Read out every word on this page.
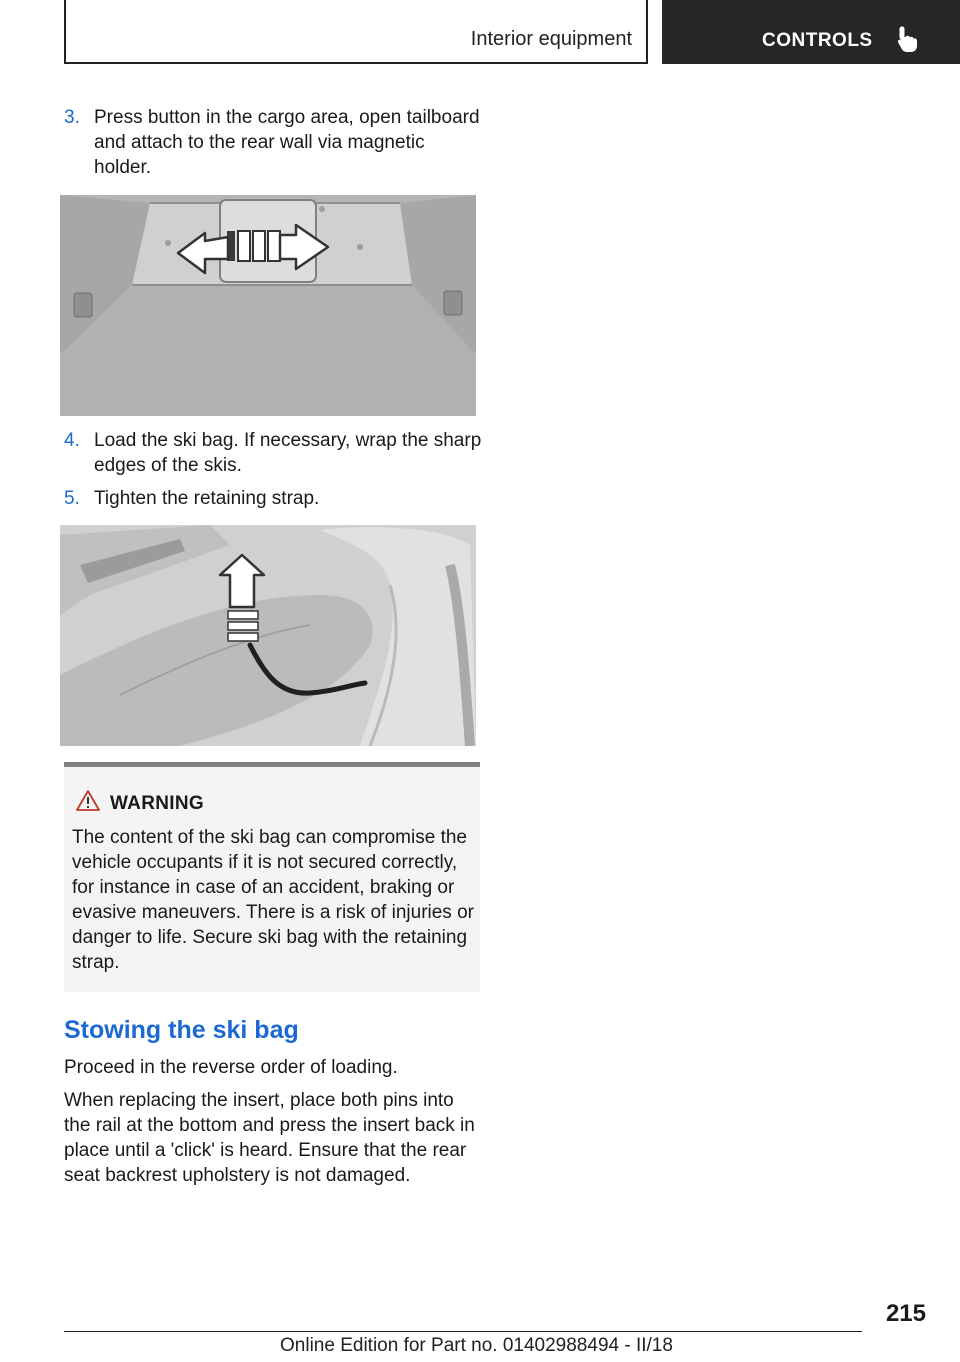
Interior equipment	CONTROLS
3. Press button in the cargo area, open tailboard and attach to the rear wall via magnetic holder.
4. Load the ski bag. If necessary, wrap the sharp edges of the skis.
5. Tighten the retaining strap.
WARNING
The content of the ski bag can compromise the vehicle occupants if it is not secured correctly, for instance in case of an accident, braking or evasive maneuvers. There is a risk of injuries or danger to life. Secure ski bag with the retaining strap.
Stowing the ski bag
Proceed in the reverse order of loading.
When replacing the insert, place both pins into the rail at the bottom and press the insert back in place until a 'click' is heard. Ensure that the rear seat backrest upholstery is not damaged.
215
Online Edition for Part no. 01402988494 - II/18
